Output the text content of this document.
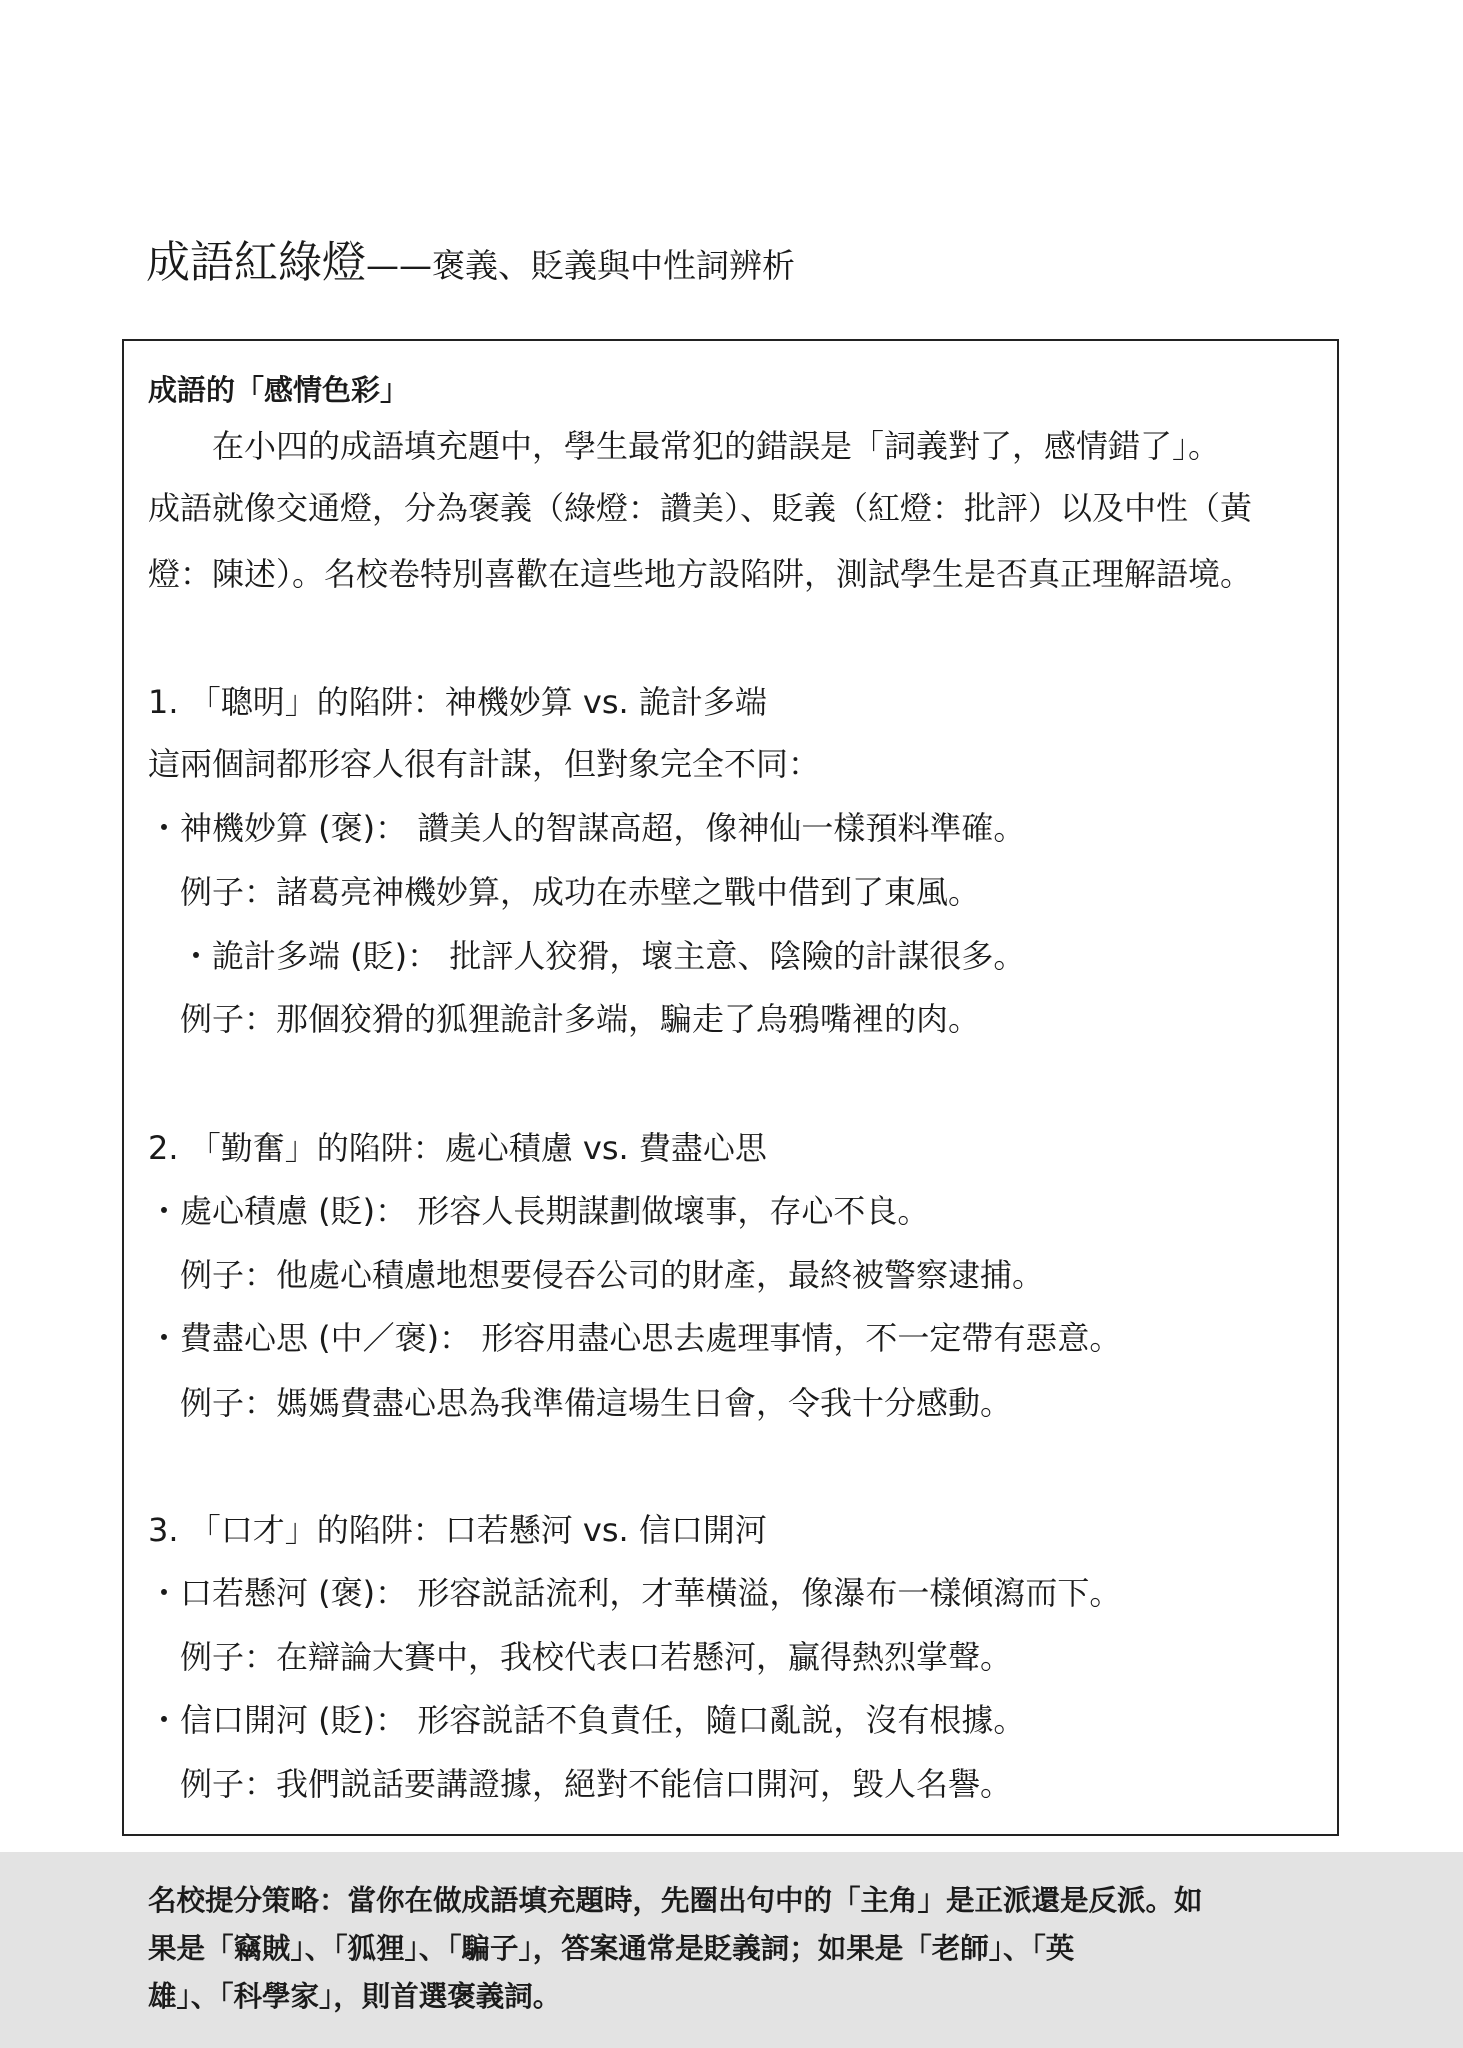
成語紅綠燈——褒義、貶義與中性詞辨析
成語的「感情色彩」
　　在小四的成語填充題中，學生最常犯的錯誤是「詞義對了，感情錯了」。
成語就像交通燈，分為褒義（綠燈：讚美）、貶義（紅燈：批評）以及中性（黃
燈：陳述）。名校卷特別喜歡在這些地方設陷阱，測試學生是否真正理解語境。
1. 「聰明」的陷阱：神機妙算 vs. 詭計多端
這兩個詞都形容人很有計謀，但對象完全不同：
・神機妙算 (褒)： 讚美人的智謀高超，像神仙一樣預料準確。
　例子：諸葛亮神機妙算，成功在赤壁之戰中借到了東風。
　・詭計多端 (貶)： 批評人狡猾，壞主意、陰險的計謀很多。
　例子：那個狡猾的狐狸詭計多端，騙走了烏鴉嘴裡的肉。
2. 「勤奮」的陷阱：處心積慮 vs. 費盡心思
・處心積慮 (貶)： 形容人長期謀劃做壞事，存心不良。
　例子：他處心積慮地想要侵吞公司的財產，最終被警察逮捕。
・費盡心思 (中／褒)： 形容用盡心思去處理事情，不一定帶有惡意。
　例子：媽媽費盡心思為我準備這場生日會，令我十分感動。
3. 「口才」的陷阱：口若懸河 vs. 信口開河
・口若懸河 (褒)： 形容説話流利，才華橫溢，像瀑布一樣傾瀉而下。
　例子：在辯論大賽中，我校代表口若懸河，贏得熱烈掌聲。
・信口開河 (貶)： 形容説話不負責任，隨口亂説，沒有根據。
　例子：我們説話要講證據，絕對不能信口開河，毀人名譽。
名校提分策略：當你在做成語填充題時，先圈出句中的「主角」是正派還是反派。如
果是「竊賊」、「狐狸」、「騙子」，答案通常是貶義詞；如果是「老師」、「英
雄」、「科學家」，則首選褒義詞。
